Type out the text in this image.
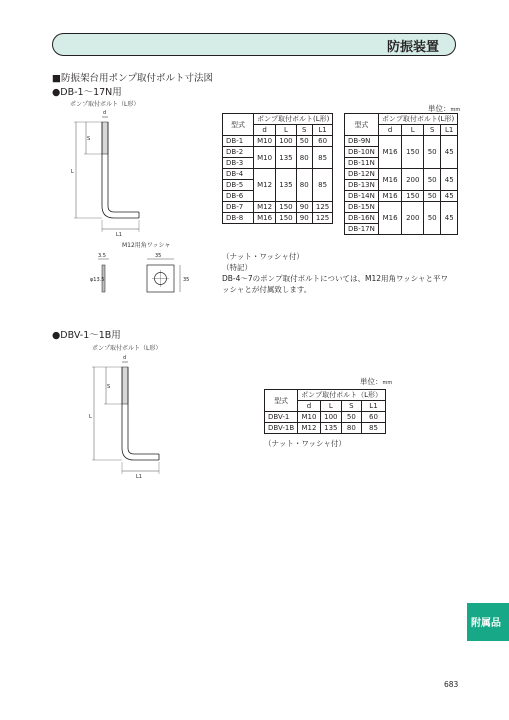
防振装置
■防振架台用ポンプ取付ボルト寸法図
●DB-1〜17N用
ポンプ取付ボルト（L形）
d
S
L
L1
M12用角ワッシャ
3.5	35
35
φ13.5
単位：mm
型式	ポンプ取付ボルト(L形)			
	d	L	S	L1
DB-1	M10	100	50	60
DB-2	M10	135	80	85
DB-3				
DB-4	M12	135	80	85
DB-5				
DB-6				
DB-7	M12	150	90	125
DB-8	M16	150	90	125
型式	ポンプ取付ボルト(L形)			
	d	L	S	L1
DB-9N	M16	150	50	45
DB-10N				
DB-11N				
DB-12N	M16	200	50	45
DB-13N				
DB-14N	M16	150	50	45
DB-15N	M16	200	50	45
DB-16N				
DB-17N				
（ナット・ワッシャ付）
（特記）
DB-4〜7のポンプ取付ボルトについては、M12用角ワッシャと平ワ
ッシャとが付属致します。
●DBV-1〜1B用
ポンプ取付ボルト（L形）
d
S
L
L1
単位：mm
型式	ポンプ取付ボルト（L形）			
	d	L	S	L1
DBV-1	M10	100	50	60
DBV-1B	M12	135	80	85
（ナット・ワッシャ付）
附属品
683
